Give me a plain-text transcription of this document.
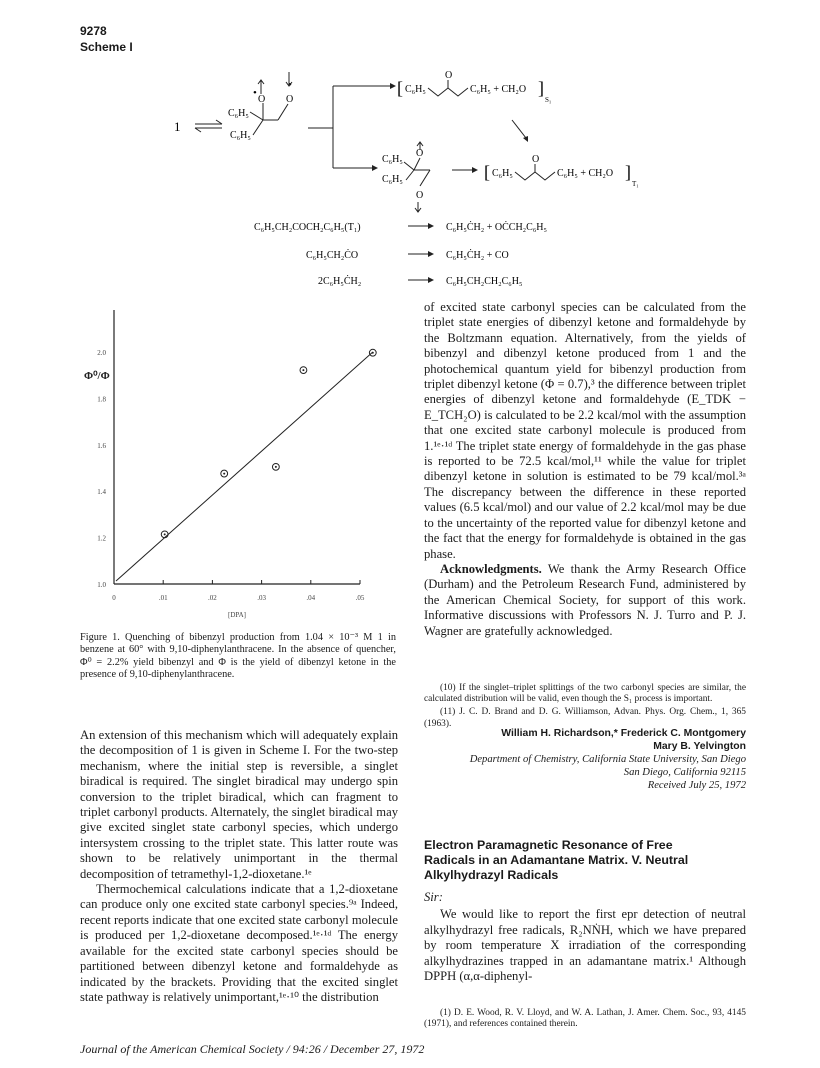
9278
Scheme I
1
C₆H₅
C₆H₅
O O
•
•	[ C₆H₅
O
C₆H₅ + CH₂O ]
S₁
C₆H₅
C₆H₅
O
O
[ C₆H₅
O
C₆H₅ + CH₂O ]
T₁
C₆H₅CH₂COCH₂C₆H₅(T₁)	C₆H₅ĊH₂ + OĊCH₂C₆H₅
C₆H₅CH₂ĊO	C₆H₅ĊH₂ + CO
2C₆H₅ĊH₂	C₆H₅CH₂CH₂C₆H₅
0	.01	.02	.03	.04	.05
1.0
1.2
1.4
1.6
1.8
2.0
[DPA]
Φ⁰/Φ
Figure 1. Quenching of bibenzyl production from 1.04 × 10⁻³ M 1 in benzene at 60° with 9,10-diphenylanthracene. In the absence of quencher, Φ⁰ = 2.2% yield bibenzyl and Φ is the yield of dibenzyl ketone in the presence of 9,10-diphenylanthracene.

An extension of this mechanism which will adequately explain the decomposition of 1 is given in Scheme I. For the two-step mechanism, where the initial step is reversible, a singlet biradical is required. The singlet biradical may undergo spin conversion to the triplet biradical, which can fragment to triplet carbonyl products. Alternately, the singlet biradical may give excited singlet state carbonyl species, which undergo intersystem crossing to the triplet state. This latter route was shown to be relatively unimportant in the thermal decomposition of tetramethyl-1,2-dioxetane.¹ᵉ

Thermochemical calculations indicate that a 1,2-dioxetane can produce only one excited state carbonyl species.⁹ᵃ Indeed, recent reports indicate that one excited state carbonyl molecule is produced per 1,2-dioxetane decomposed.¹ᵉ·¹ᵈ The energy available for the excited state carbonyl species should be partitioned between dibenzyl ketone and formaldehyde as indicated by the brackets. Providing that the excited singlet state pathway is relatively unimportant,¹ᵉ·¹⁰ the distribution

of excited state carbonyl species can be calculated from the triplet state energies of dibenzyl ketone and formaldehyde by the Boltzmann equation. Alternatively, from the yields of bibenzyl and dibenzyl ketone produced from 1 and the photochemical quantum yield for bibenzyl production from triplet dibenzyl ketone (Φ = 0.7),³ the difference between triplet energies of dibenzyl ketone and formaldehyde (E_TDK − E_TCH₂O) is calculated to be 2.2 kcal/mol with the assumption that one excited state carbonyl molecule is produced from 1.¹ᵉ·¹ᵈ The triplet state energy of formaldehyde in the gas phase is reported to be 72.5 kcal/mol,¹¹ while the value for triplet dibenzyl ketone in solution is estimated to be 79 kcal/mol.³ᵃ The discrepancy between the difference in these reported values (6.5 kcal/mol) and our value of 2.2 kcal/mol may be due to the uncertainty of the reported value for dibenzyl ketone and the fact that the energy for formaldehyde is obtained in the gas phase.

Acknowledgments. We thank the Army Research Office (Durham) and the Petroleum Research Fund, administered by the American Chemical Society, for support of this work. Informative discussions with Professors N. J. Turro and P. J. Wagner are gratefully acknowledged.

(10) If the singlet–triplet splittings of the two carbonyl species are similar, the calculated distribution will be valid, even though the S₁ process is important.

(11) J. C. D. Brand and D. G. Williamson, Advan. Phys. Org. Chem., 1, 365 (1963).

William H. Richardson,* Frederick C. Montgomery
Mary B. Yelvington
Department of Chemistry, California State University, San Diego
San Diego, California 92115
Received July 25, 1972
Electron Paramagnetic Resonance of Free Radicals in an Adamantane Matrix. V. Neutral Alkylhydrazyl Radicals

Sir:

We would like to report the first epr detection of neutral alkylhydrazyl free radicals, R₂NṄH, which we have prepared by room temperature X irradiation of the corresponding alkylhydrazines trapped in an adamantane matrix.¹ Although DPPH (α,α-diphenyl-

(1) D. E. Wood, R. V. Lloyd, and W. A. Lathan, J. Amer. Chem. Soc., 93, 4145 (1971), and references contained therein.

Journal of the American Chemical Society / 94:26 / December 27, 1972
